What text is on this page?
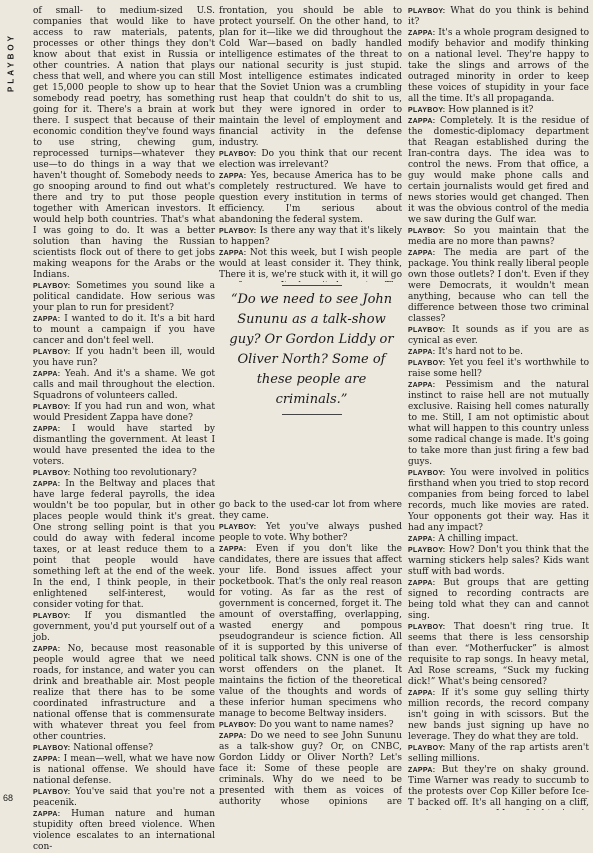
PLAYBOY
68

of small- to medium-sized U.S. companies that would like to have access to raw materials, patents, processes or other things they don't know about that exist in Russia or other countries. A nation that plays chess that well, and where you can still get 15,000 people to show up to hear somebody read poetry, has something going for it. There's a brain at work there. I suspect that because of their economic condition they've found ways to use string, chewing gum, reprocessed turnips—whatever they use—to do things in a way that we haven't thought of. Somebody needs to go snooping around to find out what's there and try to put those people together with American investors. It would help both countries. That's what I was going to do. It was a better solution than having the Russian scientists flock out of there to get jobs making weapons for the Arabs or the Indians.

PLAYBOY: Sometimes you sound like a political candidate. How serious was your plan to run for president?

ZAPPA: I wanted to do it. It's a bit hard to mount a campaign if you have cancer and don't feel well.

PLAYBOY: If you hadn't been ill, would you have run?

ZAPPA: Yeah. And it's a shame. We got calls and mail throughout the election. Squadrons of volunteers called.

PLAYBOY: If you had run and won, what would President Zappa have done?

ZAPPA: I would have started by dismantling the government. At least I would have presented the idea to the voters.

PLAYBOY: Nothing too revolutionary?

ZAPPA: In the Beltway and places that have large federal payrolls, the idea wouldn't be too popular, but in other places people would think it's great. One strong selling point is that you could do away with federal income taxes, or at least reduce them to a point that people would have something left at the end of the week. In the end, I think people, in their enlightened self-interest, would consider voting for that.

PLAYBOY: If you dismantled the government, you'd put yourself out of a job.

ZAPPA: No, because most reasonable people would agree that we need roads, for instance, and water you can drink and breathable air. Most people realize that there has to be some coordinated infrastructure and a national offense that is commensurate with whatever threat you feel from other countries.

PLAYBOY: National offense?

ZAPPA: I mean—well, what we have now is national offense. We should have national defense.

PLAYBOY: You've said that you're not a peacenik.

ZAPPA: Human nature and human stupidity often breed violence. When violence escalates to an international con-

frontation, you should be able to protect yourself. On the other hand, to plan for it—like we did throughout the Cold War—based on badly handled intelligence estimates of the threat to our national security is just stupid. Most intelligence estimates indicated that the Soviet Union was a crumbling rust heap that couldn't do shit to us, but they were ignored in order to maintain the level of employment and financial activity in the defense industry.

PLAYBOY: Do you think that our recent election was irrelevant?

ZAPPA: Yes, because America has to be completely restructured. We have to question every institution in terms of efficiency. I'm serious about abandoning the federal system.

PLAYBOY: Is there any way that it's likely to happen?

ZAPPA: Not this week, but I wish people would at least consider it. They think, There it is, we're stuck with it, it will go

“Do we need to see John Sununu as a talk-show guy? Or Gordon Liddy or Oliver North? Some of these people are criminals.”

go back to the used-car lot from where they came.

PLAYBOY: Yet you've always pushed people to vote. Why bother?

ZAPPA: Even if you don't like the candidates, there are issues that affect your life. Bond issues affect your pocketbook. That's the only real reason for voting. As far as the rest of government is concerned, forget it. The amount of overstaffing, overlapping, wasted energy and pompous pseudograndeur is science fiction. All of it is supported by this universe of political talk shows. CNN is one of the worst offenders on the planet. It maintains the fiction of the theoretical value of the thoughts and words of these inferior human specimens who manage to become Beltway insiders.

PLAYBOY: Do you want to name names?

ZAPPA: Do we need to see John Sununu as a talk-show guy? Or, on CNBC, Gordon Liddy or Oliver North? Let's face it: Some of these people are criminals. Why do we need to be presented with them as voices of authority whose opinions are

PLAYBOY: What do you think is behind it?

ZAPPA: It's a whole program designed to modify behavior and modify thinking on a national level. They're happy to take the slings and arrows of the outraged minority in order to keep these voices of stupidity in your face all the time. It's all propaganda.

PLAYBOY: How planned is it?

ZAPPA: Completely. It is the residue of the domestic-diplomacy department that Reagan established during the Iran-contra days. The idea was to control the news. From that office, a guy would make phone calls and certain journalists would get fired and news stories would get changed. Then it was the obvious control of the media we saw during the Gulf war.

PLAYBOY: So you maintain that the media are no more than pawns?

ZAPPA: The media are part of the package. You think really liberal people own those outlets? I don't. Even if they were Democrats, it wouldn't mean anything, because who can tell the difference between those two criminal classes?

PLAYBOY: It sounds as if you are as cynical as ever.

ZAPPA: It's hard not to be.

PLAYBOY: Yet you feel it's worthwhile to raise some hell?

ZAPPA: Pessimism and the natural instinct to raise hell are not mutually exclusive. Raising hell comes naturally to me. Still, I am not optimistic about what will happen to this country unless some radical change is made. It's going to take more than just firing a few bad guys.

PLAYBOY: You were involved in politics firsthand when you tried to stop record companies from being forced to label records, much like movies are rated. Your opponents got their way. Has it had any impact?

ZAPPA: A chilling impact.

PLAYBOY: How? Don't you think that the warning stickers help sales? Kids want stuff with bad words.

ZAPPA: But groups that are getting signed to recording contracts are being told what they can and cannot sing.

PLAYBOY: That doesn't ring true. It seems that there is less censorship than ever. “Motherfucker” is almost requisite to rap songs. In heavy metal, Axl Rose screams, “Suck my fucking dick!” What's being censored?

ZAPPA: If it's some guy selling thirty million records, the record company isn't going in with scissors. But the new bands just signing up have no leverage. They do what they are told.

PLAYBOY: Many of the rap artists aren't selling millions.

ZAPPA: But they're on shaky ground. Time Warner was ready to succumb to the protests over Cop Killer before Ice-T backed off. It's all hanging on a cliff,
